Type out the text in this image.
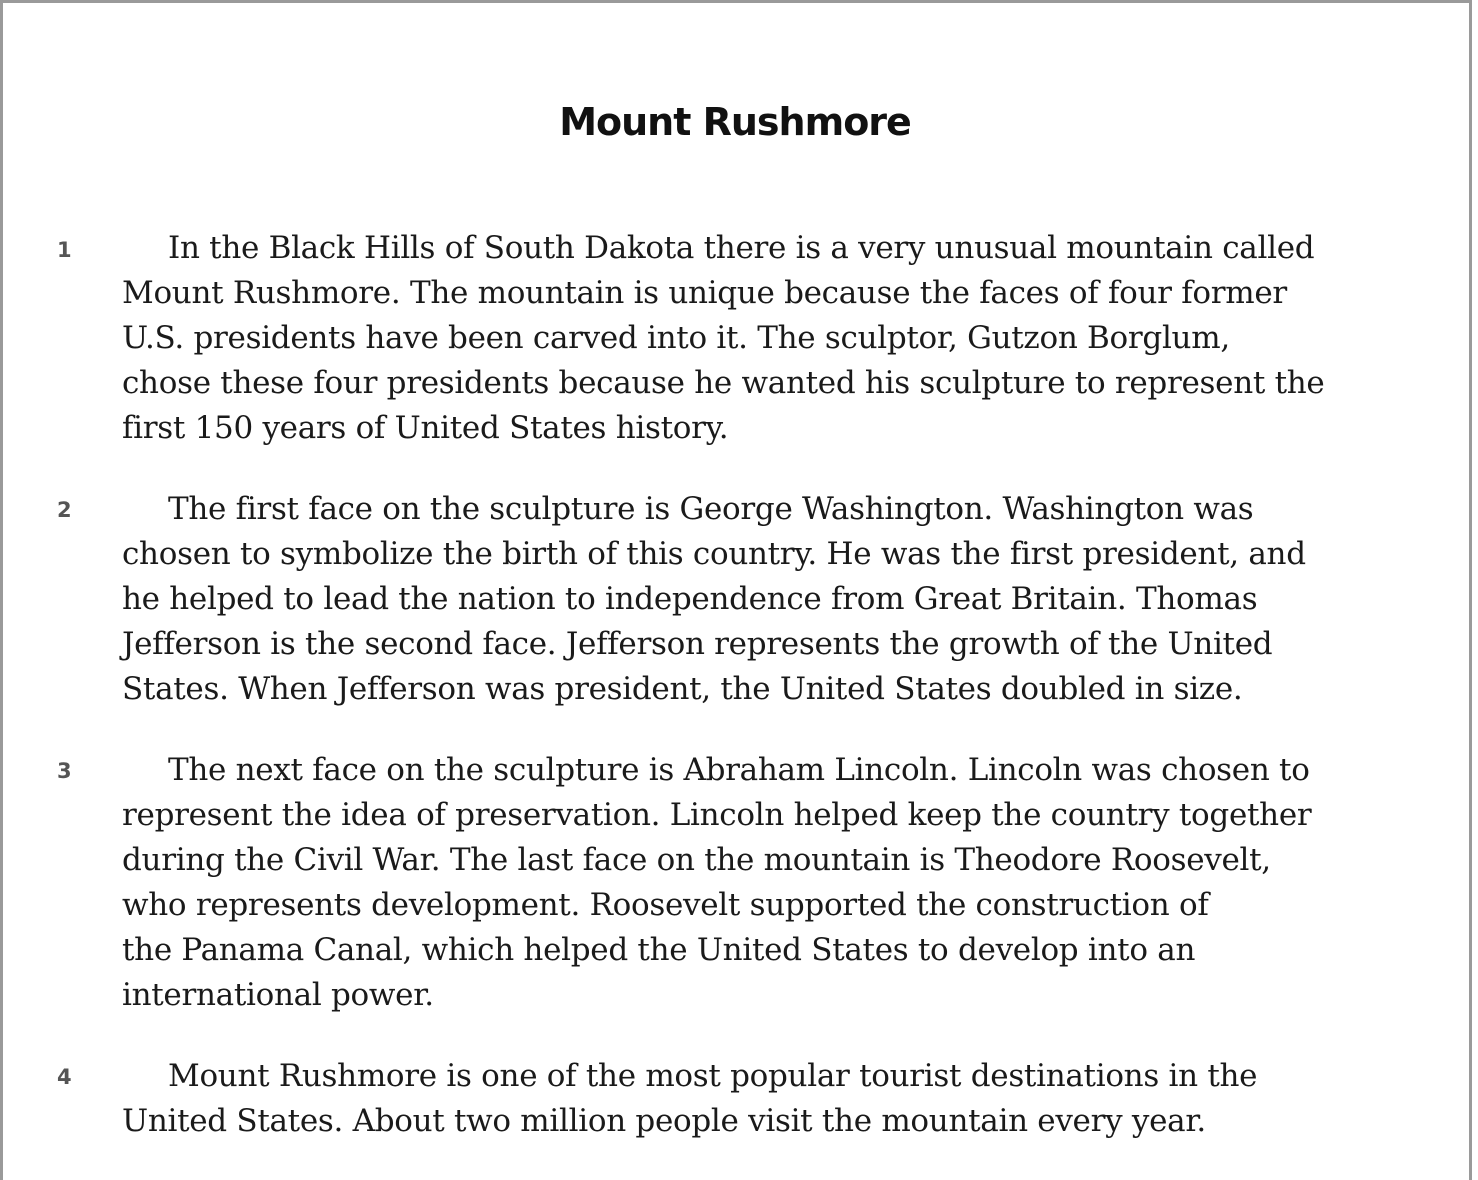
Mount Rushmore
1	In the Black Hills of South Dakota there is a very unusual mountain called
Mount Rushmore. The mountain is unique because the faces of four former
U.S. presidents have been carved into it. The sculptor, Gutzon Borglum,
chose these four presidents because he wanted his sculpture to represent the
first 150 years of United States history.
2	The first face on the sculpture is George Washington. Washington was
chosen to symbolize the birth of this country. He was the first president, and
he helped to lead the nation to independence from Great Britain. Thomas
Jefferson is the second face. Jefferson represents the growth of the United
States. When Jefferson was president, the United States doubled in size.
3	The next face on the sculpture is Abraham Lincoln. Lincoln was chosen to
represent the idea of preservation. Lincoln helped keep the country together
during the Civil War. The last face on the mountain is Theodore Roosevelt,
who represents development. Roosevelt supported the construction of
the Panama Canal, which helped the United States to develop into an
international power.
4	Mount Rushmore is one of the most popular tourist destinations in the
United States. About two million people visit the mountain every year.
